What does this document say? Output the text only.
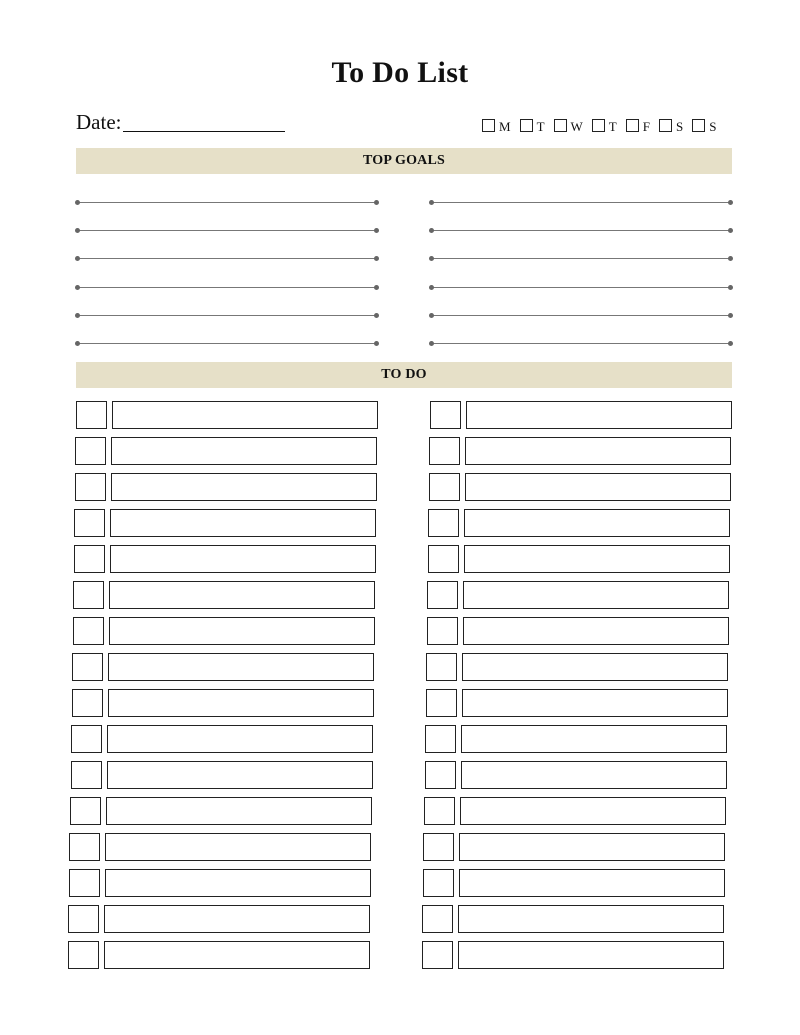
To Do List
Date:	M T W T F S S
TOP GOALS
TO DO
